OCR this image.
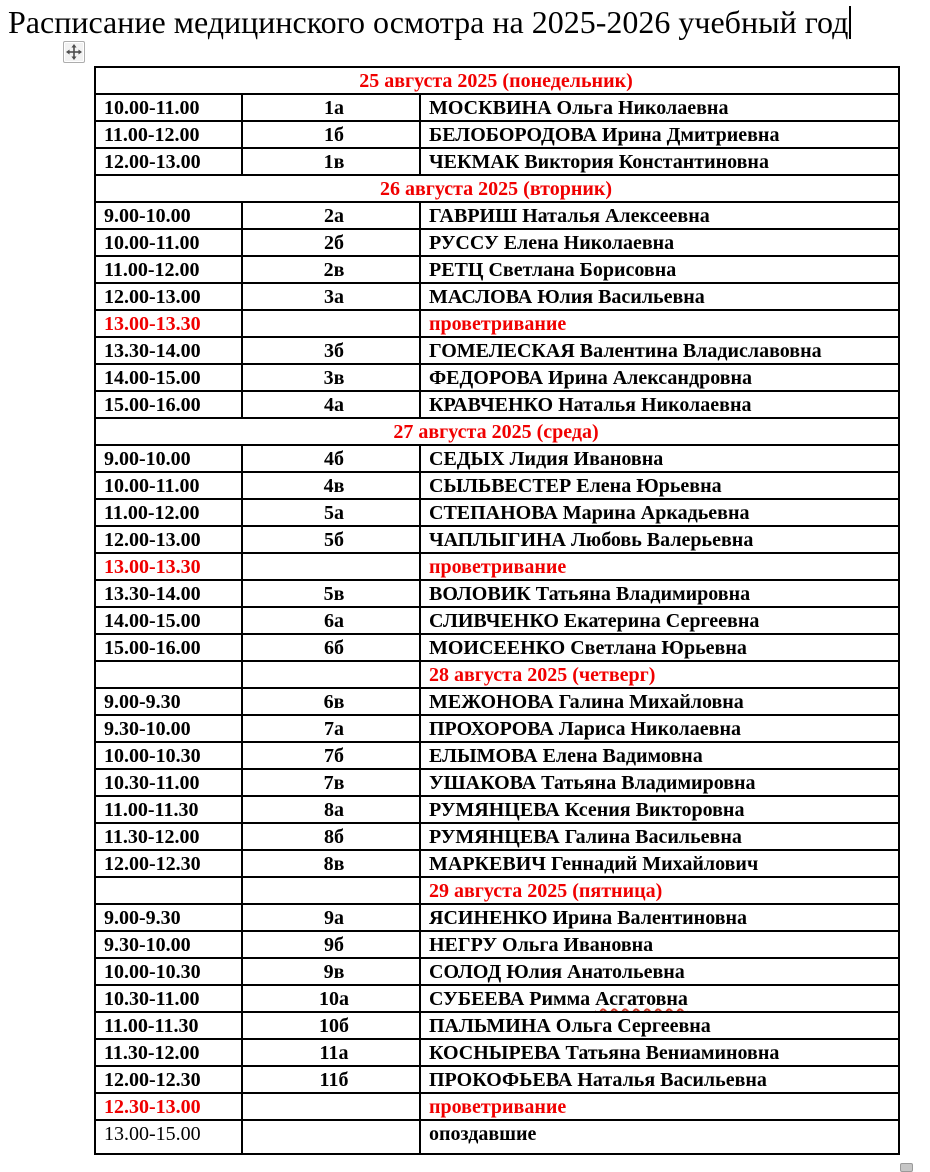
Расписание медицинского осмотра на 2025-2026 учебный год
25 августа 2025 (понедельник)		
10.00-11.00	1а	МОСКВИНА Ольга Николаевна
11.00-12.00	1б	БЕЛОБОРОДОВА Ирина Дмитриевна
12.00-13.00	1в	ЧЕКМАК Виктория Константиновна
26 августа 2025 (вторник)		
9.00-10.00	2а	ГАВРИШ Наталья Алексеевна
10.00-11.00	2б	РУССУ Елена Николаевна
11.00-12.00	2в	РЕТЦ Светлана Борисовна
12.00-13.00	3а	МАСЛОВА Юлия Васильевна
13.00-13.30		проветривание
13.30-14.00	3б	ГОМЕЛЕСКАЯ Валентина Владиславовна
14.00-15.00	3в	ФЕДОРОВА Ирина Александровна
15.00-16.00	4а	КРАВЧЕНКО Наталья Николаевна
27 августа 2025 (среда)		
9.00-10.00	4б	СЕДЫХ Лидия Ивановна
10.00-11.00	4в	СЫЛЬВЕСТЕР Елена Юрьевна
11.00-12.00	5а	СТЕПАНОВА Марина Аркадьевна
12.00-13.00	5б	ЧАПЛЫГИНА Любовь Валерьевна
13.00-13.30		проветривание
13.30-14.00	5в	ВОЛОВИК Татьяна Владимировна
14.00-15.00	6а	СЛИВЧЕНКО Екатерина Сергеевна
15.00-16.00	6б	МОИСЕЕНКО Светлана Юрьевна
		28 августа 2025 (четверг)
9.00-9.30	6в	МЕЖОНОВА Галина Михайловна
9.30-10.00	7а	ПРОХОРОВА Лариса Николаевна
10.00-10.30	7б	ЕЛЫМОВА Елена Вадимовна
10.30-11.00	7в	УШАКОВА Татьяна Владимировна
11.00-11.30	8а	РУМЯНЦЕВА Ксения Викторовна
11.30-12.00	8б	РУМЯНЦЕВА Галина Васильевна
12.00-12.30	8в	МАРКЕВИЧ Геннадий Михайлович
		29 августа 2025 (пятница)
9.00-9.30	9а	ЯСИНЕНКО Ирина Валентиновна
9.30-10.00	9б	НЕГРУ Ольга Ивановна
10.00-10.30	9в	СОЛОД Юлия Анатольевна
10.30-11.00	10а	СУБЕЕВА Римма Асгатовна
11.00-11.30	10б	ПАЛЬМИНА Ольга Сергеевна
11.30-12.00	11а	КОСНЫРЕВА Татьяна Вениаминовна
12.00-12.30	11б	ПРОКОФЬЕВА Наталья Васильевна
12.30-13.00		проветривание
13.00-15.00		опоздавшие
